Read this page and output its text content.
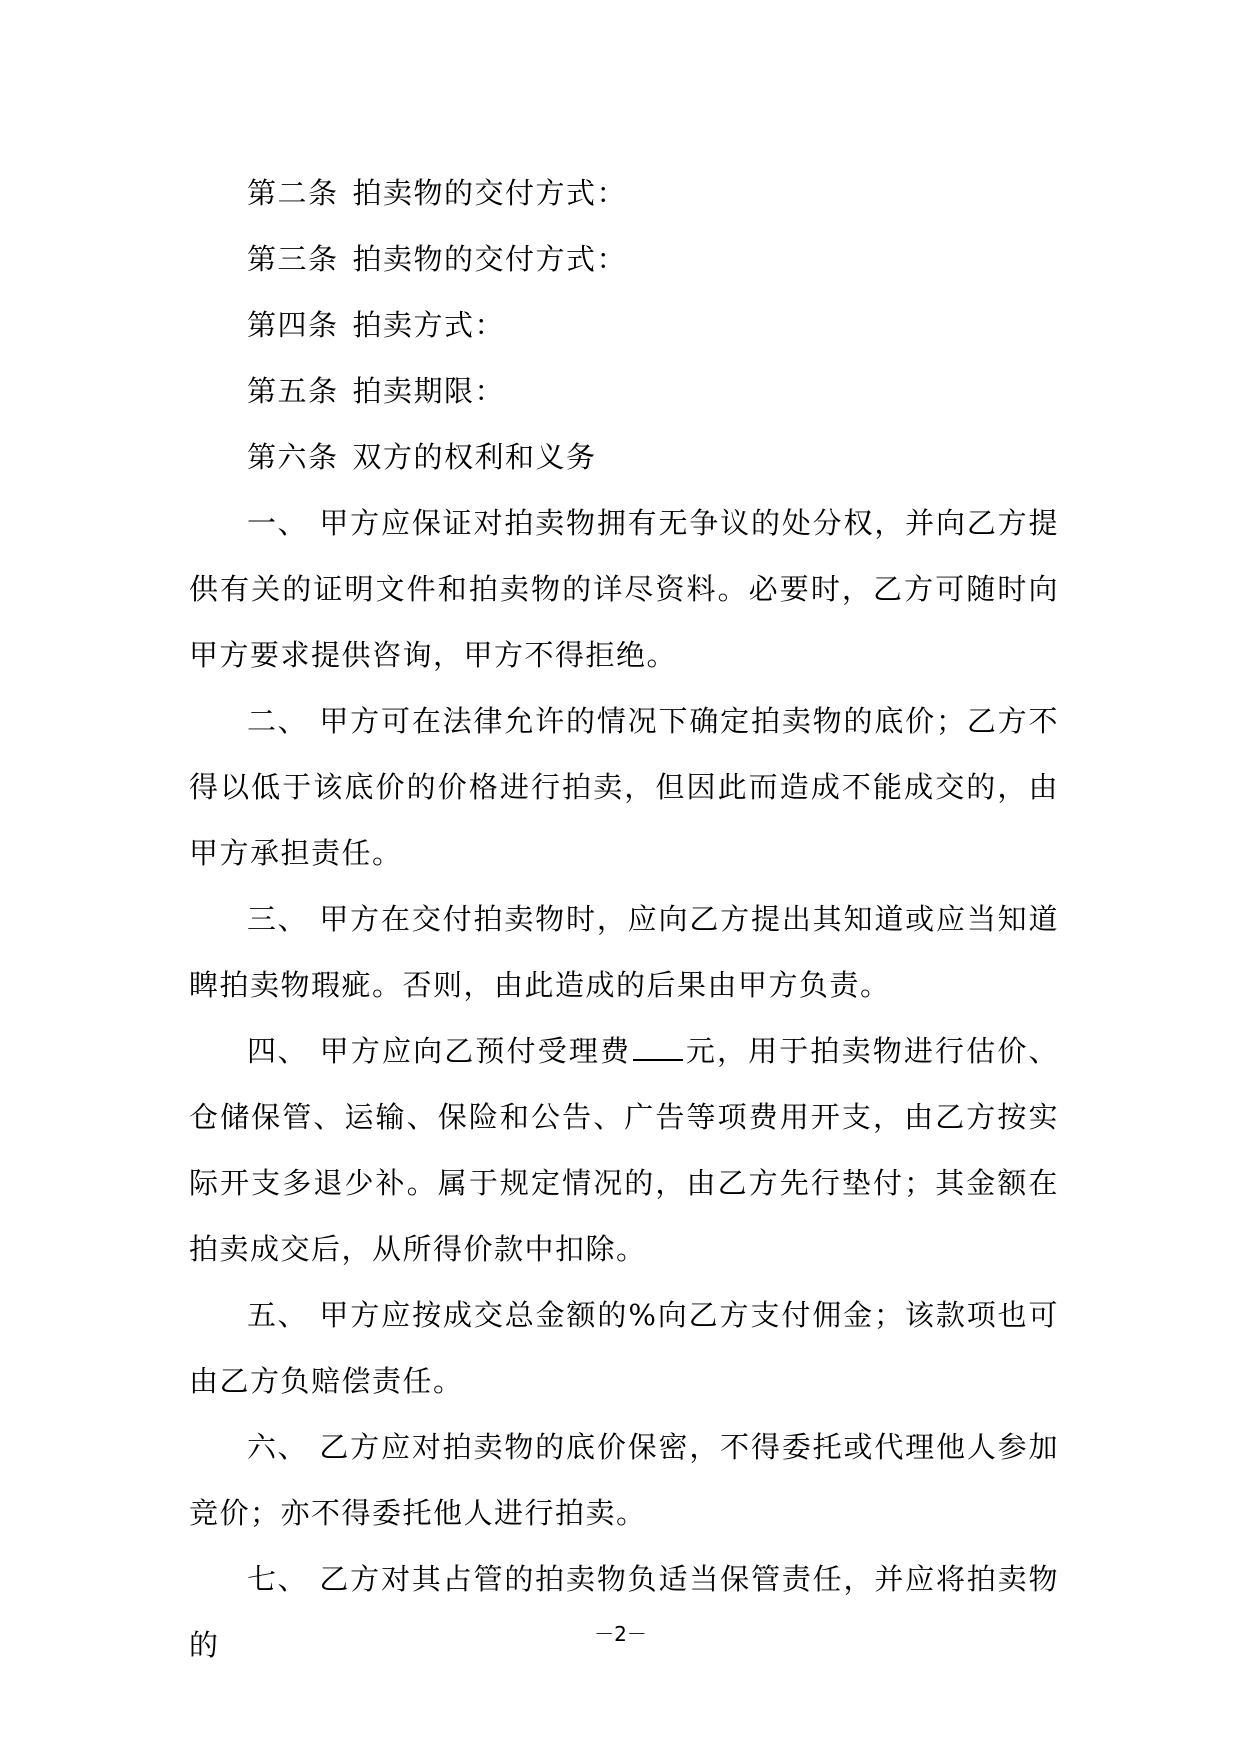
第二条 拍卖物的交付方式：
第三条 拍卖物的交付方式：
第四条 拍卖方式：
第五条 拍卖期限：
第六条 双方的权利和义务

一、 甲方应保证对拍卖物拥有无争议的处分权，并向乙方提供有关的证明文件和拍卖物的详尽资料。必要时，乙方可随时向甲方要求提供咨询，甲方不得拒绝。

二、 甲方可在法律允许的情况下确定拍卖物的底价；乙方不得以低于该底价的价格进行拍卖，但因此而造成不能成交的，由甲方承担责任。

三、 甲方在交付拍卖物时，应向乙方提出其知道或应当知道睥拍卖物瑕疵。否则，由此造成的后果由甲方负责。

四、 甲方应向乙预付受理费 元，用于拍卖物进行估价、仓储保管、运输、保险和公告、广告等项费用开支，由乙方按实际开支多退少补。属于规定情况的，由乙方先行垫付；其金额在拍卖成交后，从所得价款中扣除。

五、 甲方应按成交总金额的%向乙方支付佣金；该款项也可由乙方负赔偿责任。

六、 乙方应对拍卖物的底价保密，不得委托或代理他人参加竞价；亦不得委托他人进行拍卖。

七、 乙方对其占管的拍卖物负适当保管责任，并应将拍卖物的	－2－
